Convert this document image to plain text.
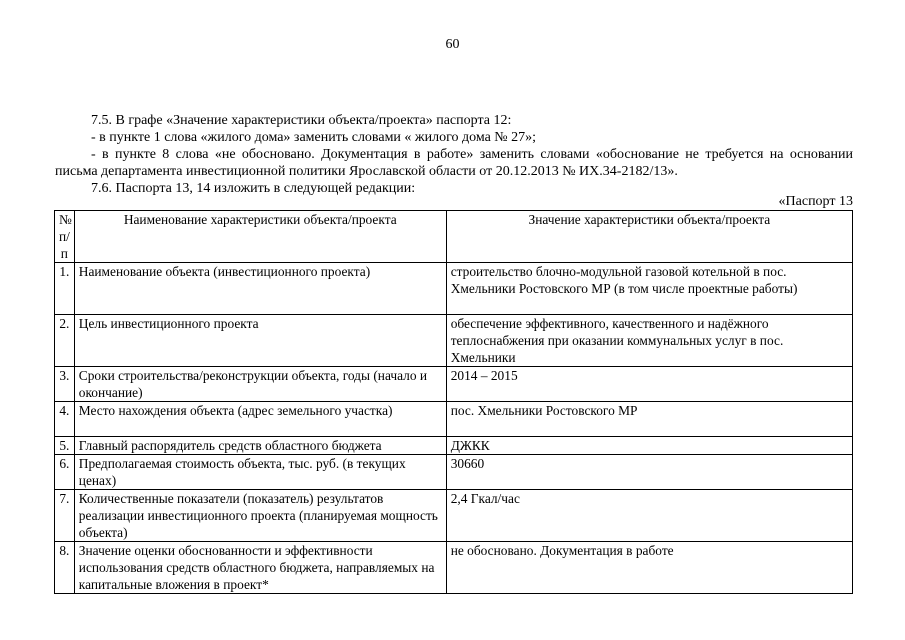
60
7.5. В графе «Значение характеристики объекта/проекта» паспорта 12:
- в пункте 1 слова «жилого дома» заменить словами « жилого дома № 27»;
- в пункте 8 слова «не обосновано. Документация в работе» заменить словами «обоснование не требуется на основании письма департамента инвестиционной политики Ярославской области от 20.12.2013 № ИХ.34-2182/13».
7.6. Паспорта 13, 14 изложить в следующей редакции:
«Паспорт 13
№ п/п	Наименование характеристики объекта/проекта	Значение характеристики объекта/проекта
1.	Наименование объекта (инвестиционного проекта)	строительство блочно-модульной газовой котельной в пос. Хмельники Ростовского МР (в том числе проектные работы)
2.	Цель инвестиционного проекта	обеспечение эффективного, качественного и надёжного теплоснабжения при оказании коммунальных услуг в пос. Хмельники
3.	Сроки строительства/реконструкции объекта, годы (начало и окончание)	2014 – 2015
4.	Место нахождения объекта (адрес земельного участка)	пос. Хмельники Ростовского МР
5.	Главный распорядитель средств областного бюджета	ДЖКК
6.	Предполагаемая стоимость объекта, тыс. руб. (в текущих ценах)	30660
7.	Количественные показатели (показатель) результатов реализации инвестиционного проекта (планируемая мощность объекта)	2,4 Гкал/час
8.	Значение оценки обоснованности и эффективности использования средств областного бюджета, направляемых на капитальные вложения в проект*	не обосновано. Документация в работе
